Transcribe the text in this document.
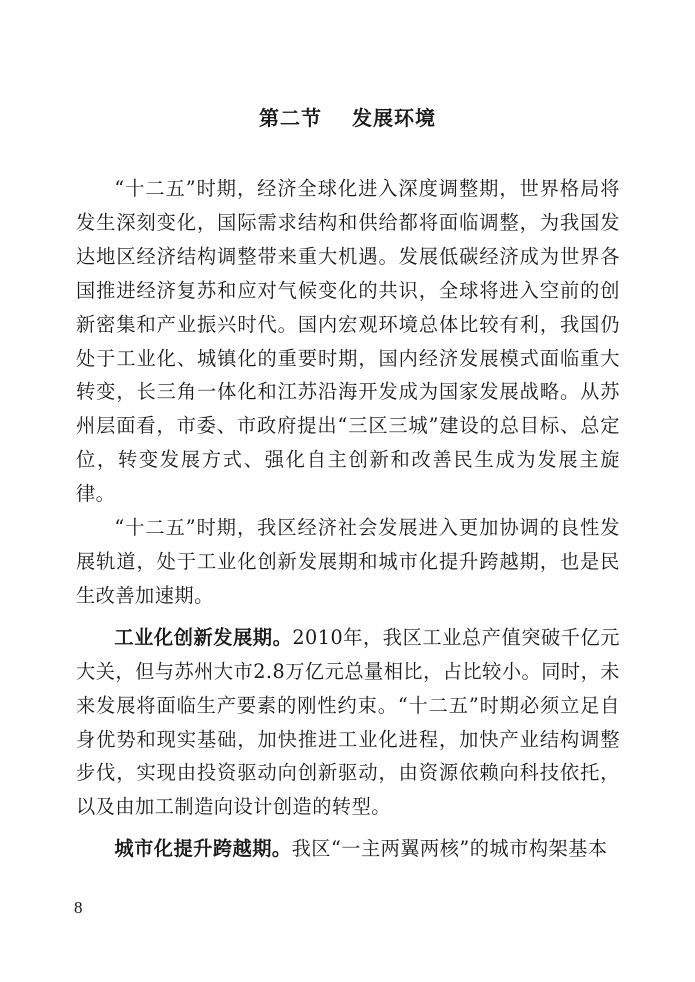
第二节 发展环境

“十二五”时期，经济全球化进入深度调整期，世界格局将发生深刻变化，国际需求结构和供给都将面临调整，为我国发达地区经济结构调整带来重大机遇。发展低碳经济成为世界各国推进经济复苏和应对气候变化的共识，全球将进入空前的创新密集和产业振兴时代。国内宏观环境总体比较有利，我国仍处于工业化、城镇化的重要时期，国内经济发展模式面临重大转变，长三角一体化和江苏沿海开发成为国家发展战略。从苏州层面看，市委、市政府提出“三区三城”建设的总目标、总定位，转变发展方式、强化自主创新和改善民生成为发展主旋律。

“十二五”时期，我区经济社会发展进入更加协调的良性发展轨道，处于工业化创新发展期和城市化提升跨越期，也是民生改善加速期。

工业化创新发展期。2010年，我区工业总产值突破千亿元大关，但与苏州大市2.8万亿元总量相比，占比较小。同时，未来发展将面临生产要素的刚性约束。“十二五”时期必须立足自身优势和现实基础，加快推进工业化进程，加快产业结构调整步伐，实现由投资驱动向创新驱动，由资源依赖向科技依托，以及由加工制造向设计创造的转型。

城市化提升跨越期。我区“一主两翼两核”的城市构架基本

8
